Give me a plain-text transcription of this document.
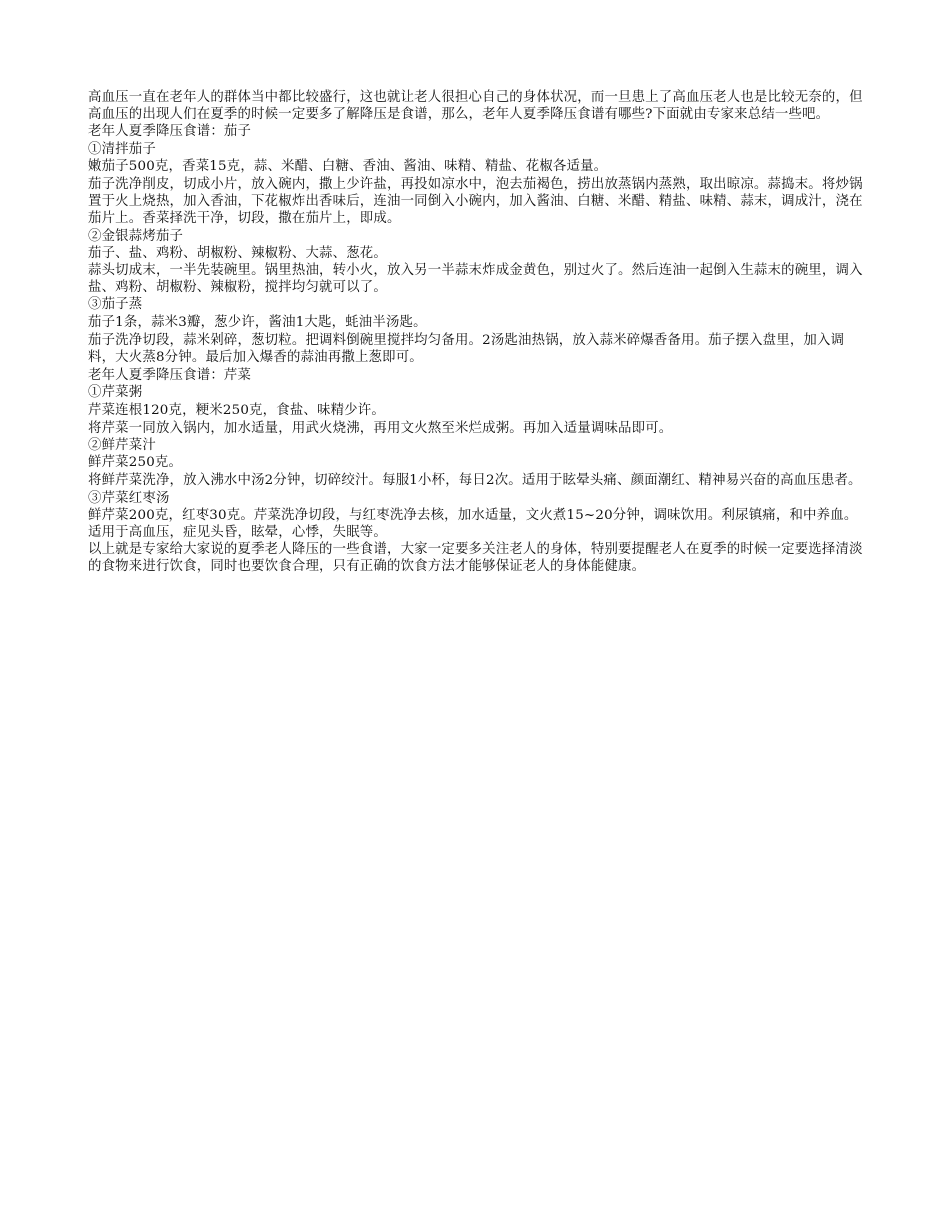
高血压一直在老年人的群体当中都比较盛行，这也就让老人很担心自己的身体状况，而一旦患上了高血压老人也是比较无奈的，但高血压的出现人们在夏季的时候一定要多了解降压是食谱，那么，老年人夏季降压食谱有哪些?下面就由专家来总结一些吧。

老年人夏季降压食谱：茄子

①清拌茄子

嫩茄子500克，香菜15克，蒜、米醋、白糖、香油、酱油、味精、精盐、花椒各适量。

茄子洗净削皮，切成小片，放入碗内，撒上少许盐，再投如凉水中，泡去茄褐色，捞出放蒸锅内蒸熟，取出晾凉。蒜捣末。将炒锅置于火上烧热，加入香油，下花椒炸出香味后，连油一同倒入小碗内，加入酱油、白糖、米醋、精盐、味精、蒜末，调成汁，浇在茄片上。香菜择洗干净，切段，撒在茄片上，即成。

②金银蒜烤茄子

茄子、盐、鸡粉、胡椒粉、辣椒粉、大蒜、葱花。

蒜头切成末，一半先装碗里。锅里热油，转小火，放入另一半蒜末炸成金黄色，别过火了。然后连油一起倒入生蒜末的碗里，调入盐、鸡粉、胡椒粉、辣椒粉，搅拌均匀就可以了。

③茄子蒸

茄子1条，蒜米3瓣，葱少许，酱油1大匙，蚝油半汤匙。

茄子洗净切段，蒜米剁碎，葱切粒。把调料倒碗里搅拌均匀备用。2汤匙油热锅，放入蒜米碎爆香备用。茄子摆入盘里，加入调料，大火蒸8分钟。最后加入爆香的蒜油再撒上葱即可。

老年人夏季降压食谱：芹菜

①芹菜粥

芹菜连根120克，粳米250克，食盐、味精少许。

将芹菜一同放入锅内，加水适量，用武火烧沸，再用文火熬至米烂成粥。再加入适量调味品即可。

②鲜芹菜汁

鲜芹菜250克。

将鲜芹菜洗净，放入沸水中汤2分钟，切碎绞汁。每服1小杯，每日2次。适用于眩晕头痛、颜面潮红、精神易兴奋的高血压患者。

③芹菜红枣汤

鲜芹菜200克，红枣30克。芹菜洗净切段，与红枣洗净去核，加水适量，文火煮15~20分钟，调味饮用。利尿镇痛，和中养血。适用于高血压，症见头昏，眩晕，心悸，失眠等。

以上就是专家给大家说的夏季老人降压的一些食谱，大家一定要多关注老人的身体，特别要提醒老人在夏季的时候一定要选择清淡的食物来进行饮食，同时也要饮食合理，只有正确的饮食方法才能够保证老人的身体能健康。
